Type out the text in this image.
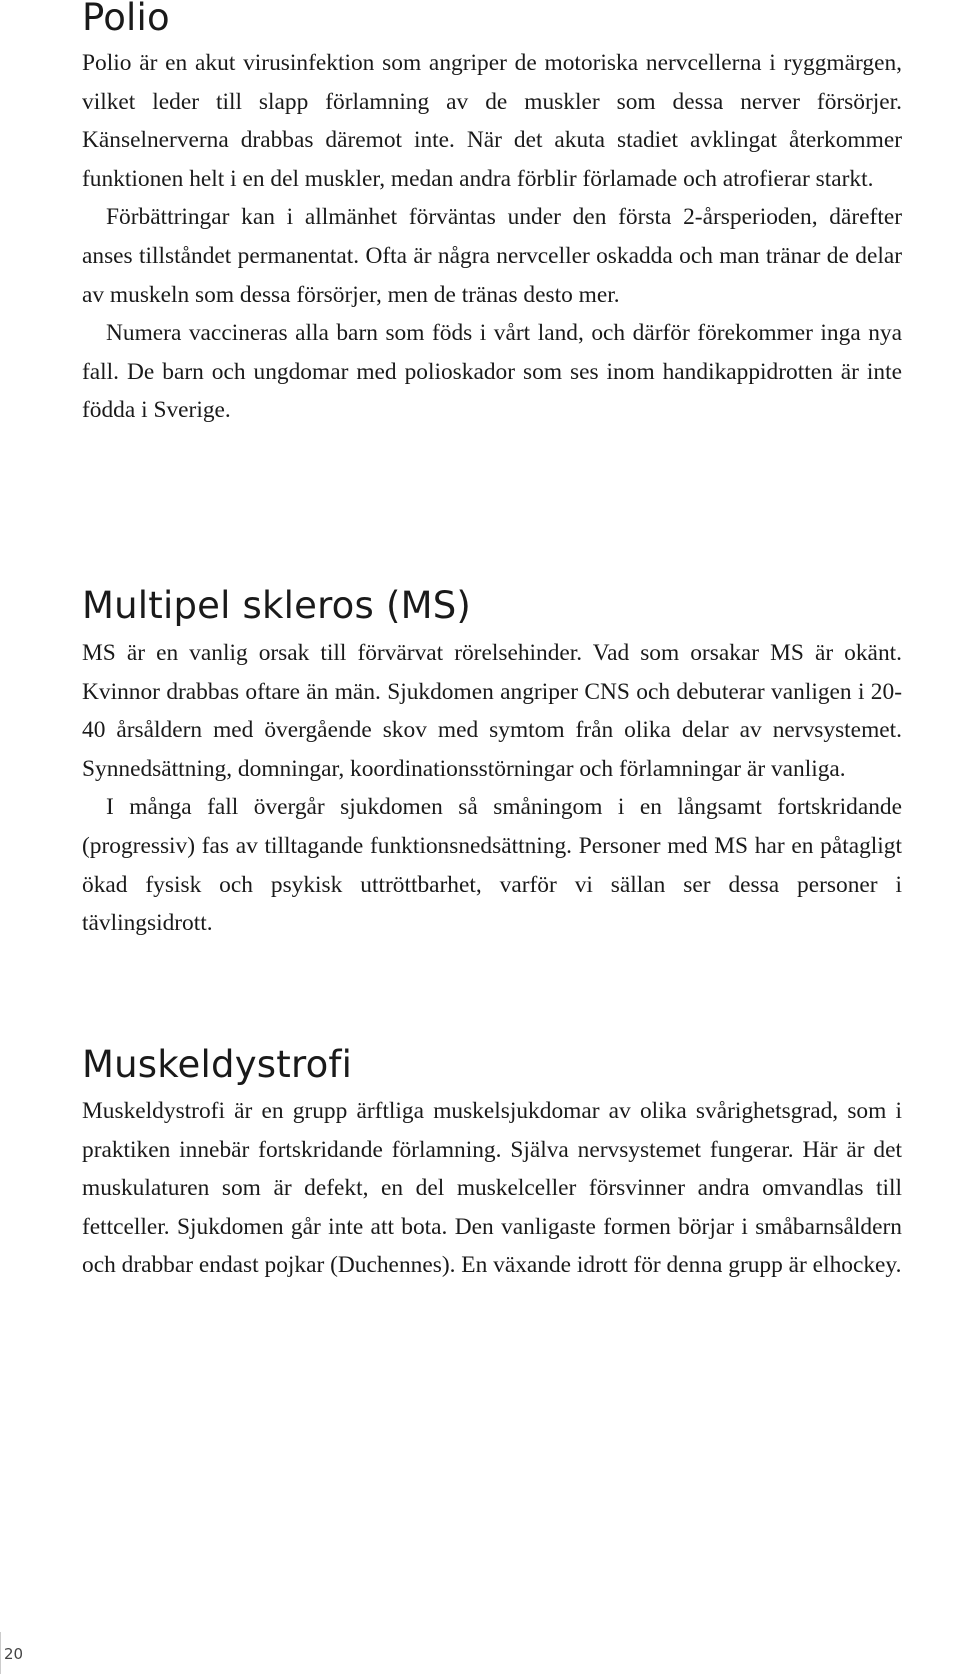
Polio

Polio är en akut virusinfektion som angriper de motoriska nervcellerna i ryggmärgen, vilket leder till slapp förlamning av de muskler som dessa nerver försörjer. Känselnerverna drabbas däremot inte. När det akuta stadiet avklingat återkommer funktionen helt i en del muskler, medan andra förblir förlamade och atrofierar starkt.

Förbättringar kan i allmänhet förväntas under den första 2-årsperioden, därefter anses tillståndet permanentat. Ofta är några nervceller oskadda och man tränar de delar av muskeln som dessa försörjer, men de tränas desto mer.

Numera vaccineras alla barn som föds i vårt land, och därför förekommer inga nya fall. De barn och ungdomar med polioskador som ses inom handikappidrotten är inte födda i Sverige.

Multipel skleros (MS)

MS är en vanlig orsak till förvärvat rörelsehinder. Vad som orsakar MS är okänt. Kvinnor drabbas oftare än män. Sjukdomen angriper CNS och debuterar vanligen i 20-40 årsåldern med övergående skov med symtom från olika delar av nervsystemet. Synnedsättning, domningar, koordinationsstörningar och förlamningar är vanliga.

I många fall övergår sjukdomen så småningom i en långsamt fortskridande (progressiv) fas av tilltagande funktionsnedsättning. Personer med MS har en påtagligt ökad fysisk och psykisk uttröttbarhet, varför vi sällan ser dessa personer i tävlingsidrott.

Muskeldystrofi

Muskeldystrofi är en grupp ärftliga muskelsjukdomar av olika svårighetsgrad, som i praktiken innebär fortskridande förlamning. Själva nervsystemet fungerar. Här är det muskulaturen som är defekt, en del muskelceller försvinner andra omvandlas till fettceller. Sjukdomen går inte att bota. Den vanligaste formen börjar i småbarnsåldern och drabbar endast pojkar (Duchennes). En växande idrott för denna grupp är elhockey.

20
